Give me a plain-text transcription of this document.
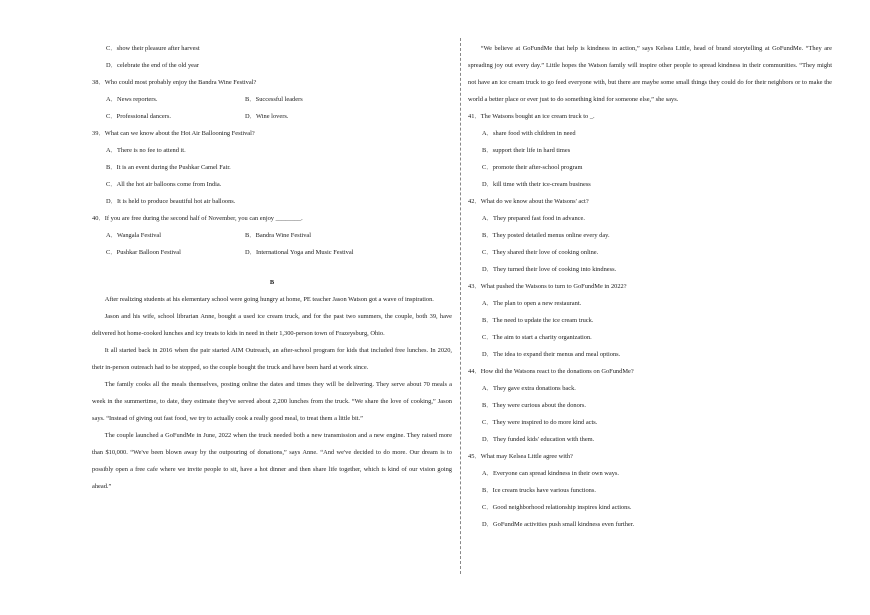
C．show their pleasure after harvest
D．celebrate the end of the old year
38．Who could most probably enjoy the Bandra Wine Festival?
A．News reporters.	B．Successful leaders
C．Professional dancers.	D．Wine lovers.
39．What can we know about the Hot Air Ballooning Festival?
A．There is no fee to attend it.
B．It is an event during the Pushkar Camel Fair.
C．All the hot air balloons come from India.
D．It is held to produce beautiful hot air balloons.
40．If you are free during the second half of November, you can enjoy ________.
A．Wangala Festival	B．Bandra Wine Festival
C．Pushkar Balloon Festival	D．International Yoga and Music Festival
B

After realizing students at his elementary school were going hungry at home, PE teacher Jason Watson got a wave of inspiration.

Jason and his wife, school librarian Anne, bought a used ice cream truck, and for the past two summers, the couple, both 39, have delivered hot home-cooked lunches and icy treats to kids in need in their 1,300-person town of Frazeysburg, Ohio.

It all started back in 2016 when the pair started AIM Outreach, an after-school program for kids that included free lunches. In 2020, their in-person outreach had to be stopped, so the couple bought the truck and have been hard at work since.

The family cooks all the meals themselves, posting online the dates and times they will be delivering. They serve about 70 meals a week in the summertime, to date, they estimate they've served about 2,200 lunches from the truck. “We share the love of cooking,” Jason says. “Instead of giving out fast food, we try to actually cook a really good meal, to treat them a little bit.”

The couple launched a GoFundMe in June, 2022 when the truck needed both a new transmission and a new engine. They raised more than $10,000. “We've been blown away by the outpouring of donations,” says Anne. “And we've decided to do more. Our dream is to possibly open a free cafe where we invite people to sit, have a hot dinner and then share life together, which is kind of our vision going ahead.”

“We believe at GoFundMe that help is kindness in action,” says Kelsea Little, head of brand storytelling at GoFundMe. “They are spreading joy out every day.” Little hopes the Watson family will inspire other people to spread kindness in their communities. “They might not have an ice cream truck to go feed everyone with, but there are maybe some small things they could do for their neighbors or to make the world a better place or ever just to do something kind for someone else,” she says.

41．The Watsons bought an ice cream truck to _.
A．share food with children in need
B．support their life in hard times
C．promote their after-school program
D．kill time with their ice-cream business
42．What do we know about the Watsons' act?
A．They prepared fast food in advance.
B．They posted detailed menus online every day.
C．They shared their love of cooking online.
D．They turned their love of cooking into kindness.
43．What pushed the Watsons to turn to GoFundMe in 2022?
A．The plan to open a new restaurant.
B．The need to update the ice cream truck.
C．The aim to start a charity organization.
D．The idea to expand their menus and meal options.
44．How did the Watsons react to the donations on GoFundMe?
A．They gave extra donations back.
B．They were curious about the donors.
C．They were inspired to do more kind acts.
D．They funded kids' education with them.
45．What may Kelsea Little agree with?
A．Everyone can spread kindness in their own ways.
B．Ice cream trucks have various functions.
C．Good neighborhood relationship inspires kind actions.
D．GoFundMe activities push small kindness even further.
